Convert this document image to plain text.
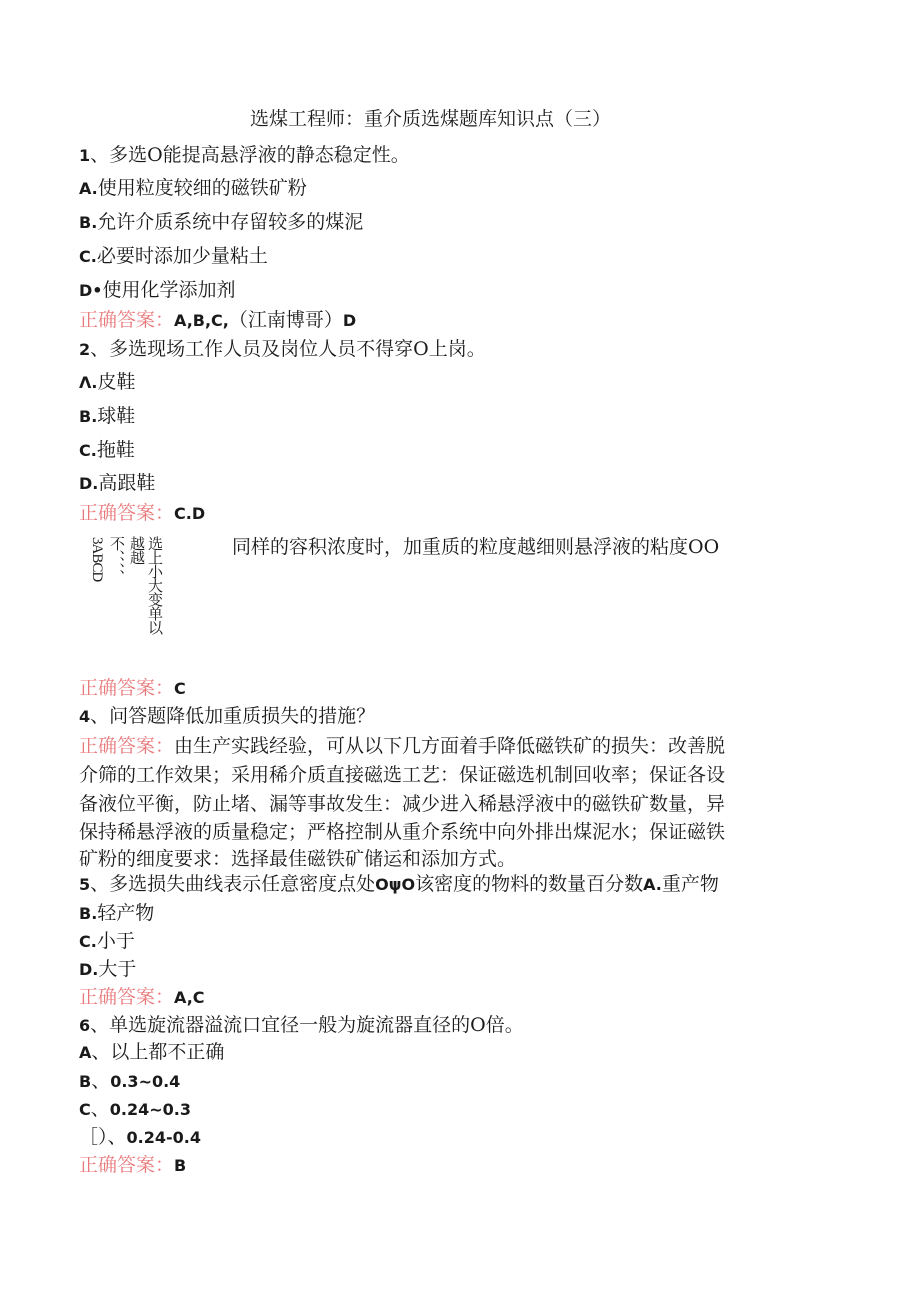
选煤工程师：重介质选煤题库知识点（三）
1、多选O能提高悬浮液的静态稳定性。
A.使用粒度较细的磁铁矿粉
B.允许介质系统中存留较多的煤泥
C.必要时添加少量粘土
D•使用化学添加剂
正确答案：A,B,C,（江南博哥）D
2、多选现场工作人员及岗位人员不得穿O上岗。
Λ.皮鞋
B.球鞋
C.拖鞋
D.高跟鞋
正确答案：C.D
3ABCD 不、、、、 越越 选上小大变单以	同样的容积浓度时，加重质的粒度越细则悬浮液的粘度OO
正确答案：C
4、问答题降低加重质损失的措施？
正确答案：由生产实践经验，可从以下几方面着手降低磁铁矿的损失：改善脱
介筛的工作效果；采用稀介质直接磁选工艺：保证磁选机制回收率；保证各设
备液位平衡，防止堵、漏等事故发生：减少进入稀悬浮液中的磁铁矿数量，异
保持稀悬浮液的质量稳定；严格控制从重介系统中向外排出煤泥水；保证磁铁
矿粉的细度要求：选择最佳磁铁矿储运和添加方式。
5、多选损失曲线表示任意密度点处OψO该密度的物料的数量百分数A.重产物
B.轻产物
C.小于
D.大于
正确答案：A,C
6、单选旋流器溢流口宜径一般为旋流器直径的O倍。
A、以上都不正确
B、0.3~0.4
C、0.24~0.3
［）、0.24-0.4
正确答案：B
